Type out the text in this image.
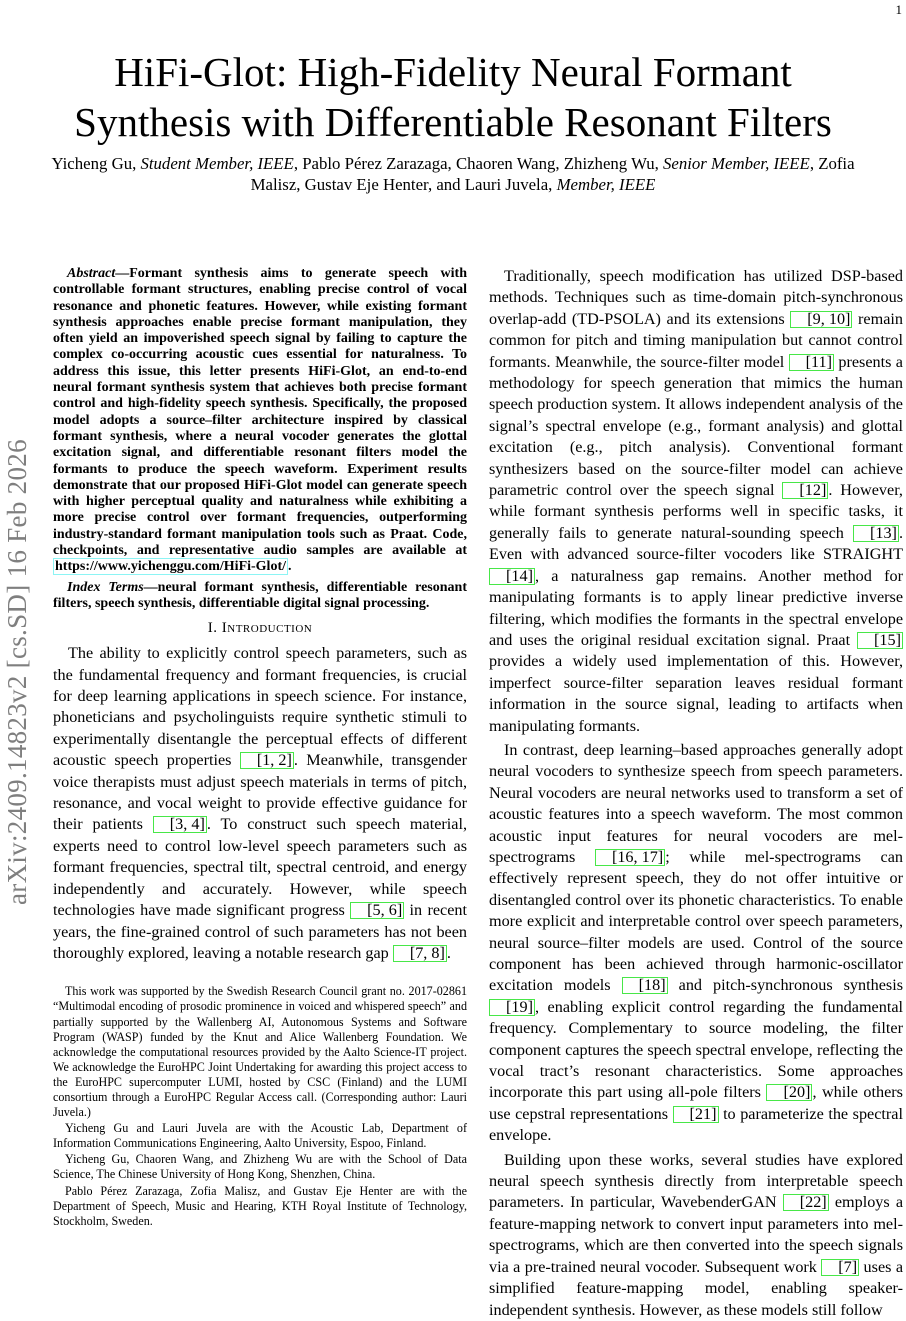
1
arXiv:2409.14823v2 [cs.SD] 16 Feb 2026
HiFi-Glot: High-Fidelity Neural Formant Synthesis with Differentiable Resonant Filters
Yicheng Gu, Student Member, IEEE, Pablo Pérez Zarazaga, Chaoren Wang, Zhizheng Wu, Senior Member, IEEE, Zofia Malisz, Gustav Eje Henter, and Lauri Juvela, Member, IEEE

Abstract—Formant synthesis aims to generate speech with controllable formant structures, enabling precise control of vocal resonance and phonetic features. However, while existing formant synthesis approaches enable precise formant manipulation, they often yield an impoverished speech signal by failing to capture the complex co-occurring acoustic cues essential for naturalness. To address this issue, this letter presents HiFi-Glot, an end-to-end neural formant synthesis system that achieves both precise formant control and high-fidelity speech synthesis. Specifically, the proposed model adopts a source–filter architecture inspired by classical formant synthesis, where a neural vocoder generates the glottal excitation signal, and differentiable resonant filters model the formants to produce the speech waveform. Experiment results demonstrate that our proposed HiFi-Glot model can generate speech with higher perceptual quality and naturalness while exhibiting a more precise control over formant frequencies, outperforming industry-standard formant manipulation tools such as Praat. Code, checkpoints, and representative audio samples are available at https://www.yichenggu.com/HiFi-Glot/ .

Index Terms—neural formant synthesis, differentiable resonant filters, speech synthesis, differentiable digital signal processing.

I. Introduction

The ability to explicitly control speech parameters, such as the fundamental frequency and formant frequencies, is crucial for deep learning applications in speech science. For instance, phoneticians and psycholinguists require synthetic stimuli to experimentally disentangle the perceptual effects of different acoustic speech properties [1, 2] . Meanwhile, transgender voice therapists must adjust speech materials in terms of pitch, resonance, and vocal weight to provide effective guidance for their patients [3, 4] . To construct such speech material, experts need to control low-level speech parameters such as formant frequencies, spectral tilt, spectral centroid, and energy independently and accurately. However, while speech technologies have made significant progress [5, 6] in recent years, the fine-grained control of such parameters has not been thoroughly explored, leaving a notable research gap [7, 8] .

This work was supported by the Swedish Research Council grant no. 2017-02861 “Multimodal encoding of prosodic prominence in voiced and whispered speech” and partially supported by the Wallenberg AI, Autonomous Systems and Software Program (WASP) funded by the Knut and Alice Wallenberg Foundation. We acknowledge the computational resources provided by the Aalto Science-IT project. We acknowledge the EuroHPC Joint Undertaking for awarding this project access to the EuroHPC supercomputer LUMI, hosted by CSC (Finland) and the LUMI consortium through a EuroHPC Regular Access call. (Corresponding author: Lauri Juvela.)

Yicheng Gu and Lauri Juvela are with the Acoustic Lab, Department of Information Communications Engineering, Aalto University, Espoo, Finland.

Yicheng Gu, Chaoren Wang, and Zhizheng Wu are with the School of Data Science, The Chinese University of Hong Kong, Shenzhen, China.

Pablo Pérez Zarazaga, Zofia Malisz, and Gustav Eje Henter are with the Department of Speech, Music and Hearing, KTH Royal Institute of Technology, Stockholm, Sweden.

Traditionally, speech modification has utilized DSP-based methods. Techniques such as time-domain pitch-synchronous overlap-add (TD-PSOLA) and its extensions [9, 10] remain common for pitch and timing manipulation but cannot control formants. Meanwhile, the source-filter model [11] presents a methodology for speech generation that mimics the human speech production system. It allows independent analysis of the signal’s spectral envelope (e.g., formant analysis) and glottal excitation (e.g., pitch analysis). Conventional formant synthesizers based on the source-filter model can achieve parametric control over the speech signal [12] . However, while formant synthesis performs well in specific tasks, it generally fails to generate natural-sounding speech [13] . Even with advanced source-filter vocoders like STRAIGHT [14] , a naturalness gap remains. Another method for manipulating formants is to apply linear predictive inverse filtering, which modifies the formants in the spectral envelope and uses the original residual excitation signal. Praat [15] provides a widely used implementation of this. However, imperfect source-filter separation leaves residual formant information in the source signal, leading to artifacts when manipulating formants.

In contrast, deep learning–based approaches generally adopt neural vocoders to synthesize speech from speech parameters. Neural vocoders are neural networks used to transform a set of acoustic features into a speech waveform. The most common acoustic input features for neural vocoders are mel-spectrograms [16, 17] ; while mel-spectrograms can effectively represent speech, they do not offer intuitive or disentangled control over its phonetic characteristics. To enable more explicit and interpretable control over speech parameters, neural source–filter models are used. Control of the source component has been achieved through harmonic-oscillator excitation models [18] and pitch-synchronous synthesis [19] , enabling explicit control regarding the fundamental frequency. Complementary to source modeling, the filter component captures the speech spectral envelope, reflecting the vocal tract’s resonant characteristics. Some approaches incorporate this part using all-pole filters [20] , while others use cepstral representations [21] to parameterize the spectral envelope.

Building upon these works, several studies have explored neural speech synthesis directly from interpretable speech parameters. In particular, WavebenderGAN [22] employs a feature-mapping network to convert input parameters into mel-spectrograms, which are then converted into the speech signals via a pre-trained neural vocoder. Subsequent work [7] uses a simplified feature-mapping model, enabling speaker-independent synthesis. However, as these models still follow
